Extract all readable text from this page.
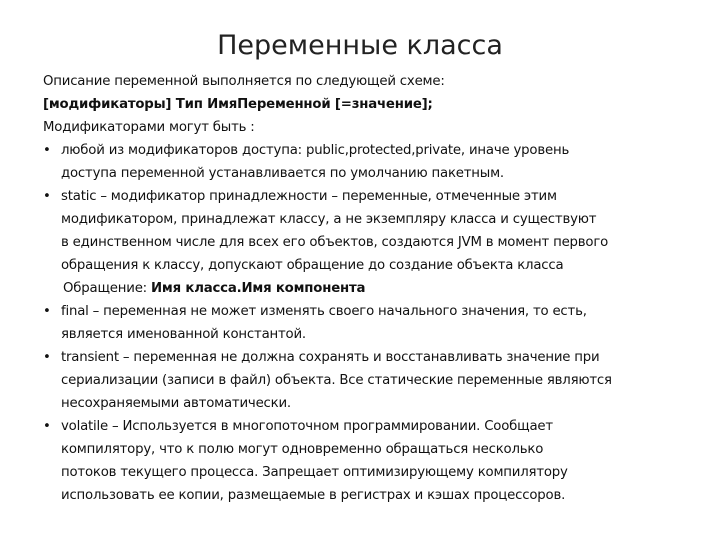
Переменные класса
Описание переменной выполняется по следующей схеме:
[модификаторы] Тип ИмяПеременной [=значение];
Модификаторами могут быть :
• любой из модификаторов доступа: public,protected,private, иначе уровень
доступа переменной устанавливается по умолчанию пакетным.
• static – модификатор принадлежности – переменные, отмеченные этим
модификатором, принадлежат классу, а не экземпляру класса и существуют
в единственном числе для всех его объектов, создаются JVM в момент первого
обращения к классу, допускают обращение до создание объекта класса
Обращение: Имя класса.Имя компонента
• final – переменная не может изменять своего начального значения, то есть,
является именованной константой.
• transient – переменная не должна сохранять и восстанавливать значение при
сериализации (записи в файл) объекта. Все статические переменные являются
несохраняемыми автоматически.
• volatile – Используется в многопоточном программировании. Сообщает
компилятору, что к полю могут одновременно обращаться несколько
потоков текущего процесса. Запрещает оптимизирующему компилятору
использовать ее копии, размещаемые в регистрах и кэшах процессоров.
